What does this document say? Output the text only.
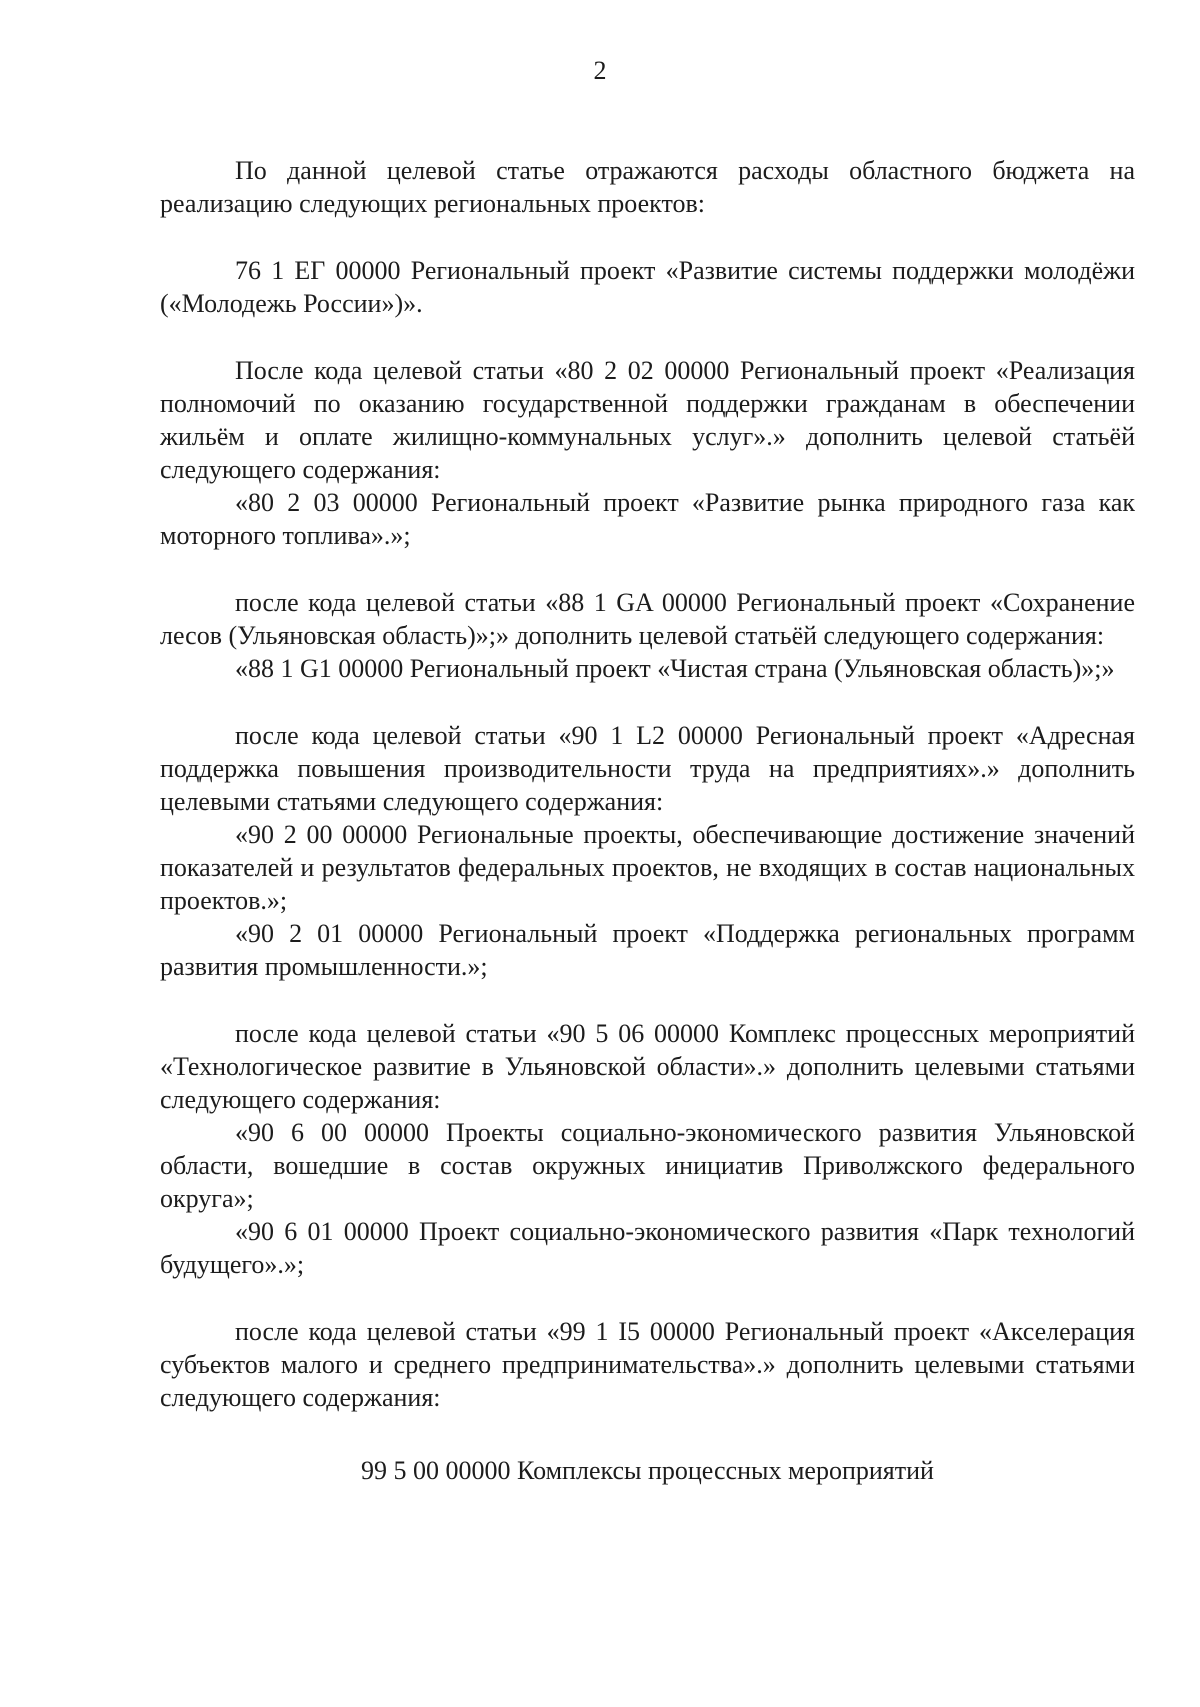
2

По данной целевой статье отражаются расходы областного бюджета на реализацию следующих региональных проектов:

76 1 ЕГ 00000 Региональный проект «Развитие системы поддержки молодёжи («Молодежь России»)».

После кода целевой статьи «80 2 02 00000 Региональный проект «Реализация полномочий по оказанию государственной поддержки гражданам в обеспечении жильём и оплате жилищно-коммунальных услуг».» дополнить целевой статьёй следующего содержания:

«80 2 03 00000 Региональный проект «Развитие рынка природного газа как моторного топлива».»;

после кода целевой статьи «88 1 GA 00000 Региональный проект «Сохранение лесов (Ульяновская область)»;» дополнить целевой статьёй следующего содержания:

«88 1 G1 00000 Региональный проект «Чистая страна (Ульяновская область)»;»

после кода целевой статьи «90 1 L2 00000 Региональный проект «Адресная поддержка повышения производительности труда на предприятиях».» дополнить целевыми статьями следующего содержания:

«90 2 00 00000 Региональные проекты, обеспечивающие достижение значений показателей и результатов федеральных проектов, не входящих в состав национальных проектов.»;

«90 2 01 00000 Региональный проект «Поддержка региональных программ развития промышленности.»;

после кода целевой статьи «90 5 06 00000 Комплекс процессных мероприятий «Технологическое развитие в Ульяновской области».» дополнить целевыми статьями следующего содержания:

«90 6 00 00000 Проекты социально-экономического развития Ульяновской области, вошедшие в состав окружных инициатив Приволжского федерального округа»;

«90 6 01 00000 Проект социально-экономического развития «Парк технологий будущего».»;

после кода целевой статьи «99 1 I5 00000 Региональный проект «Акселерация субъектов малого и среднего предпринимательства».» дополнить целевыми статьями следующего содержания:

99 5 00 00000 Комплексы процессных мероприятий
